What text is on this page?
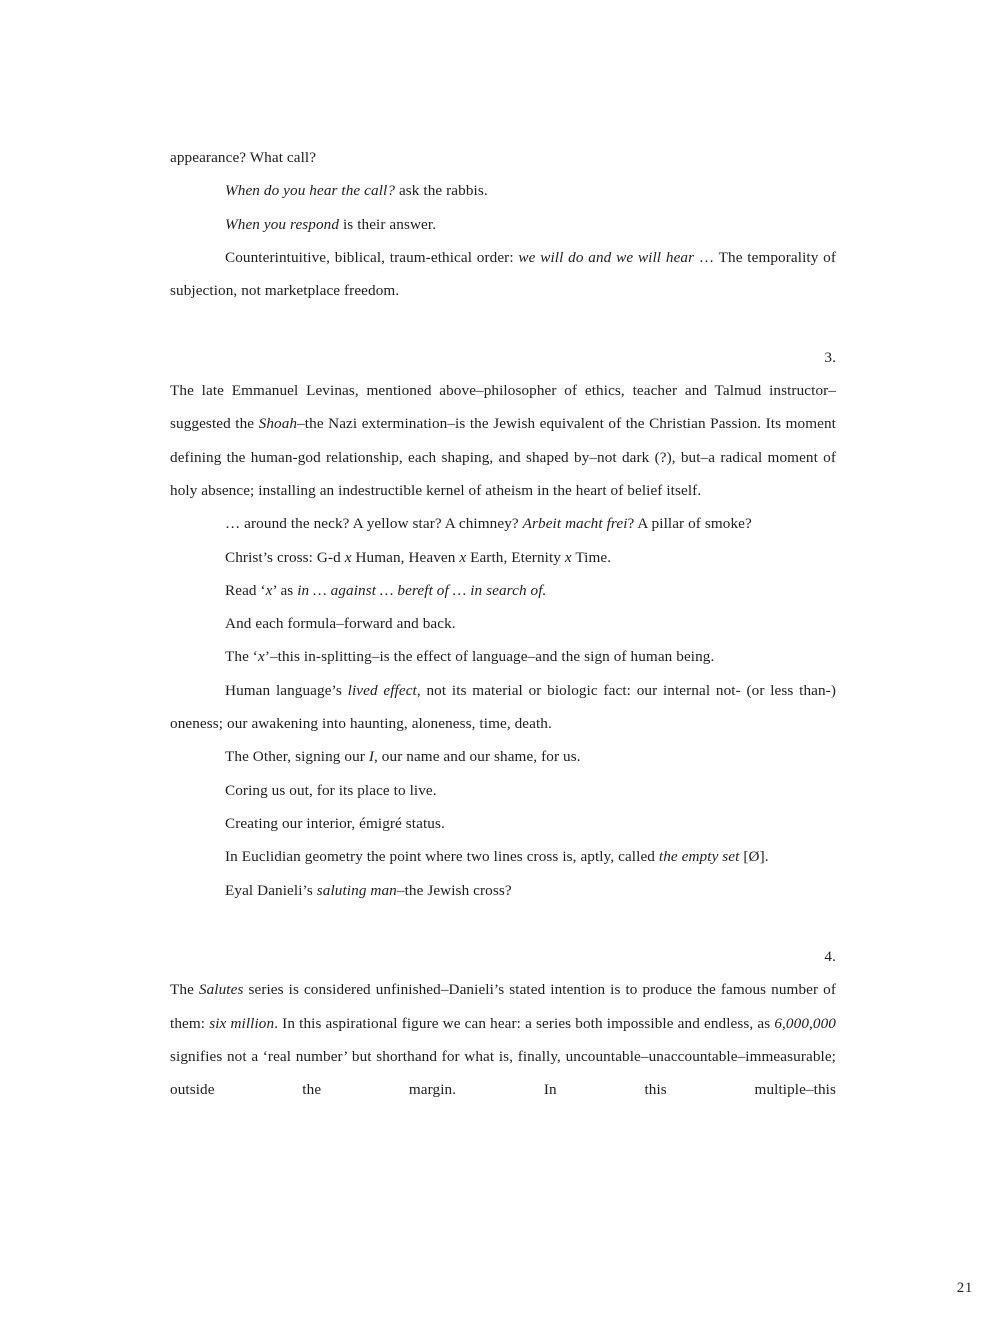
appearance? What call?
When do you hear the call? ask the rabbis.
When you respond is their answer.
Counterintuitive, biblical, traum-ethical order: we will do and we will hear … The temporality of subjection, not marketplace freedom.
3.
The late Emmanuel Levinas, mentioned above–philosopher of ethics, teacher and Talmud instructor–suggested the Shoah–the Nazi extermination–is the Jewish equivalent of the Christian Passion. Its moment defining the human-god relationship, each shaping, and shaped by–not dark (?), but–a radical moment of holy absence; installing an indestructible kernel of atheism in the heart of belief itself.
… around the neck? A yellow star? A chimney? Arbeit macht frei? A pillar of smoke?
Christ’s cross: G-d x Human, Heaven x Earth, Eternity x Time.
Read ‘x’ as in … against … bereft of … in search of.
And each formula–forward and back.
The ‘x’–this in-splitting–is the effect of language–and the sign of human being.
Human language’s lived effect, not its material or biologic fact: our internal not- (or less than-) oneness; our awakening into haunting, aloneness, time, death.
The Other, signing our I, our name and our shame, for us.
Coring us out, for its place to live.
Creating our interior, émigré status.
In Euclidian geometry the point where two lines cross is, aptly, called the empty set [Ø].
Eyal Danieli’s saluting man–the Jewish cross?
4.
The Salutes series is considered unfinished–Danieli’s stated intention is to produce the famous number of them: six million. In this aspirational figure we can hear: a series both impossible and endless, as 6,000,000 signifies not a ‘real number’ but shorthand for what is, finally, uncountable–unaccountable–immeasurable; outside the margin. In this multiple–this
21
